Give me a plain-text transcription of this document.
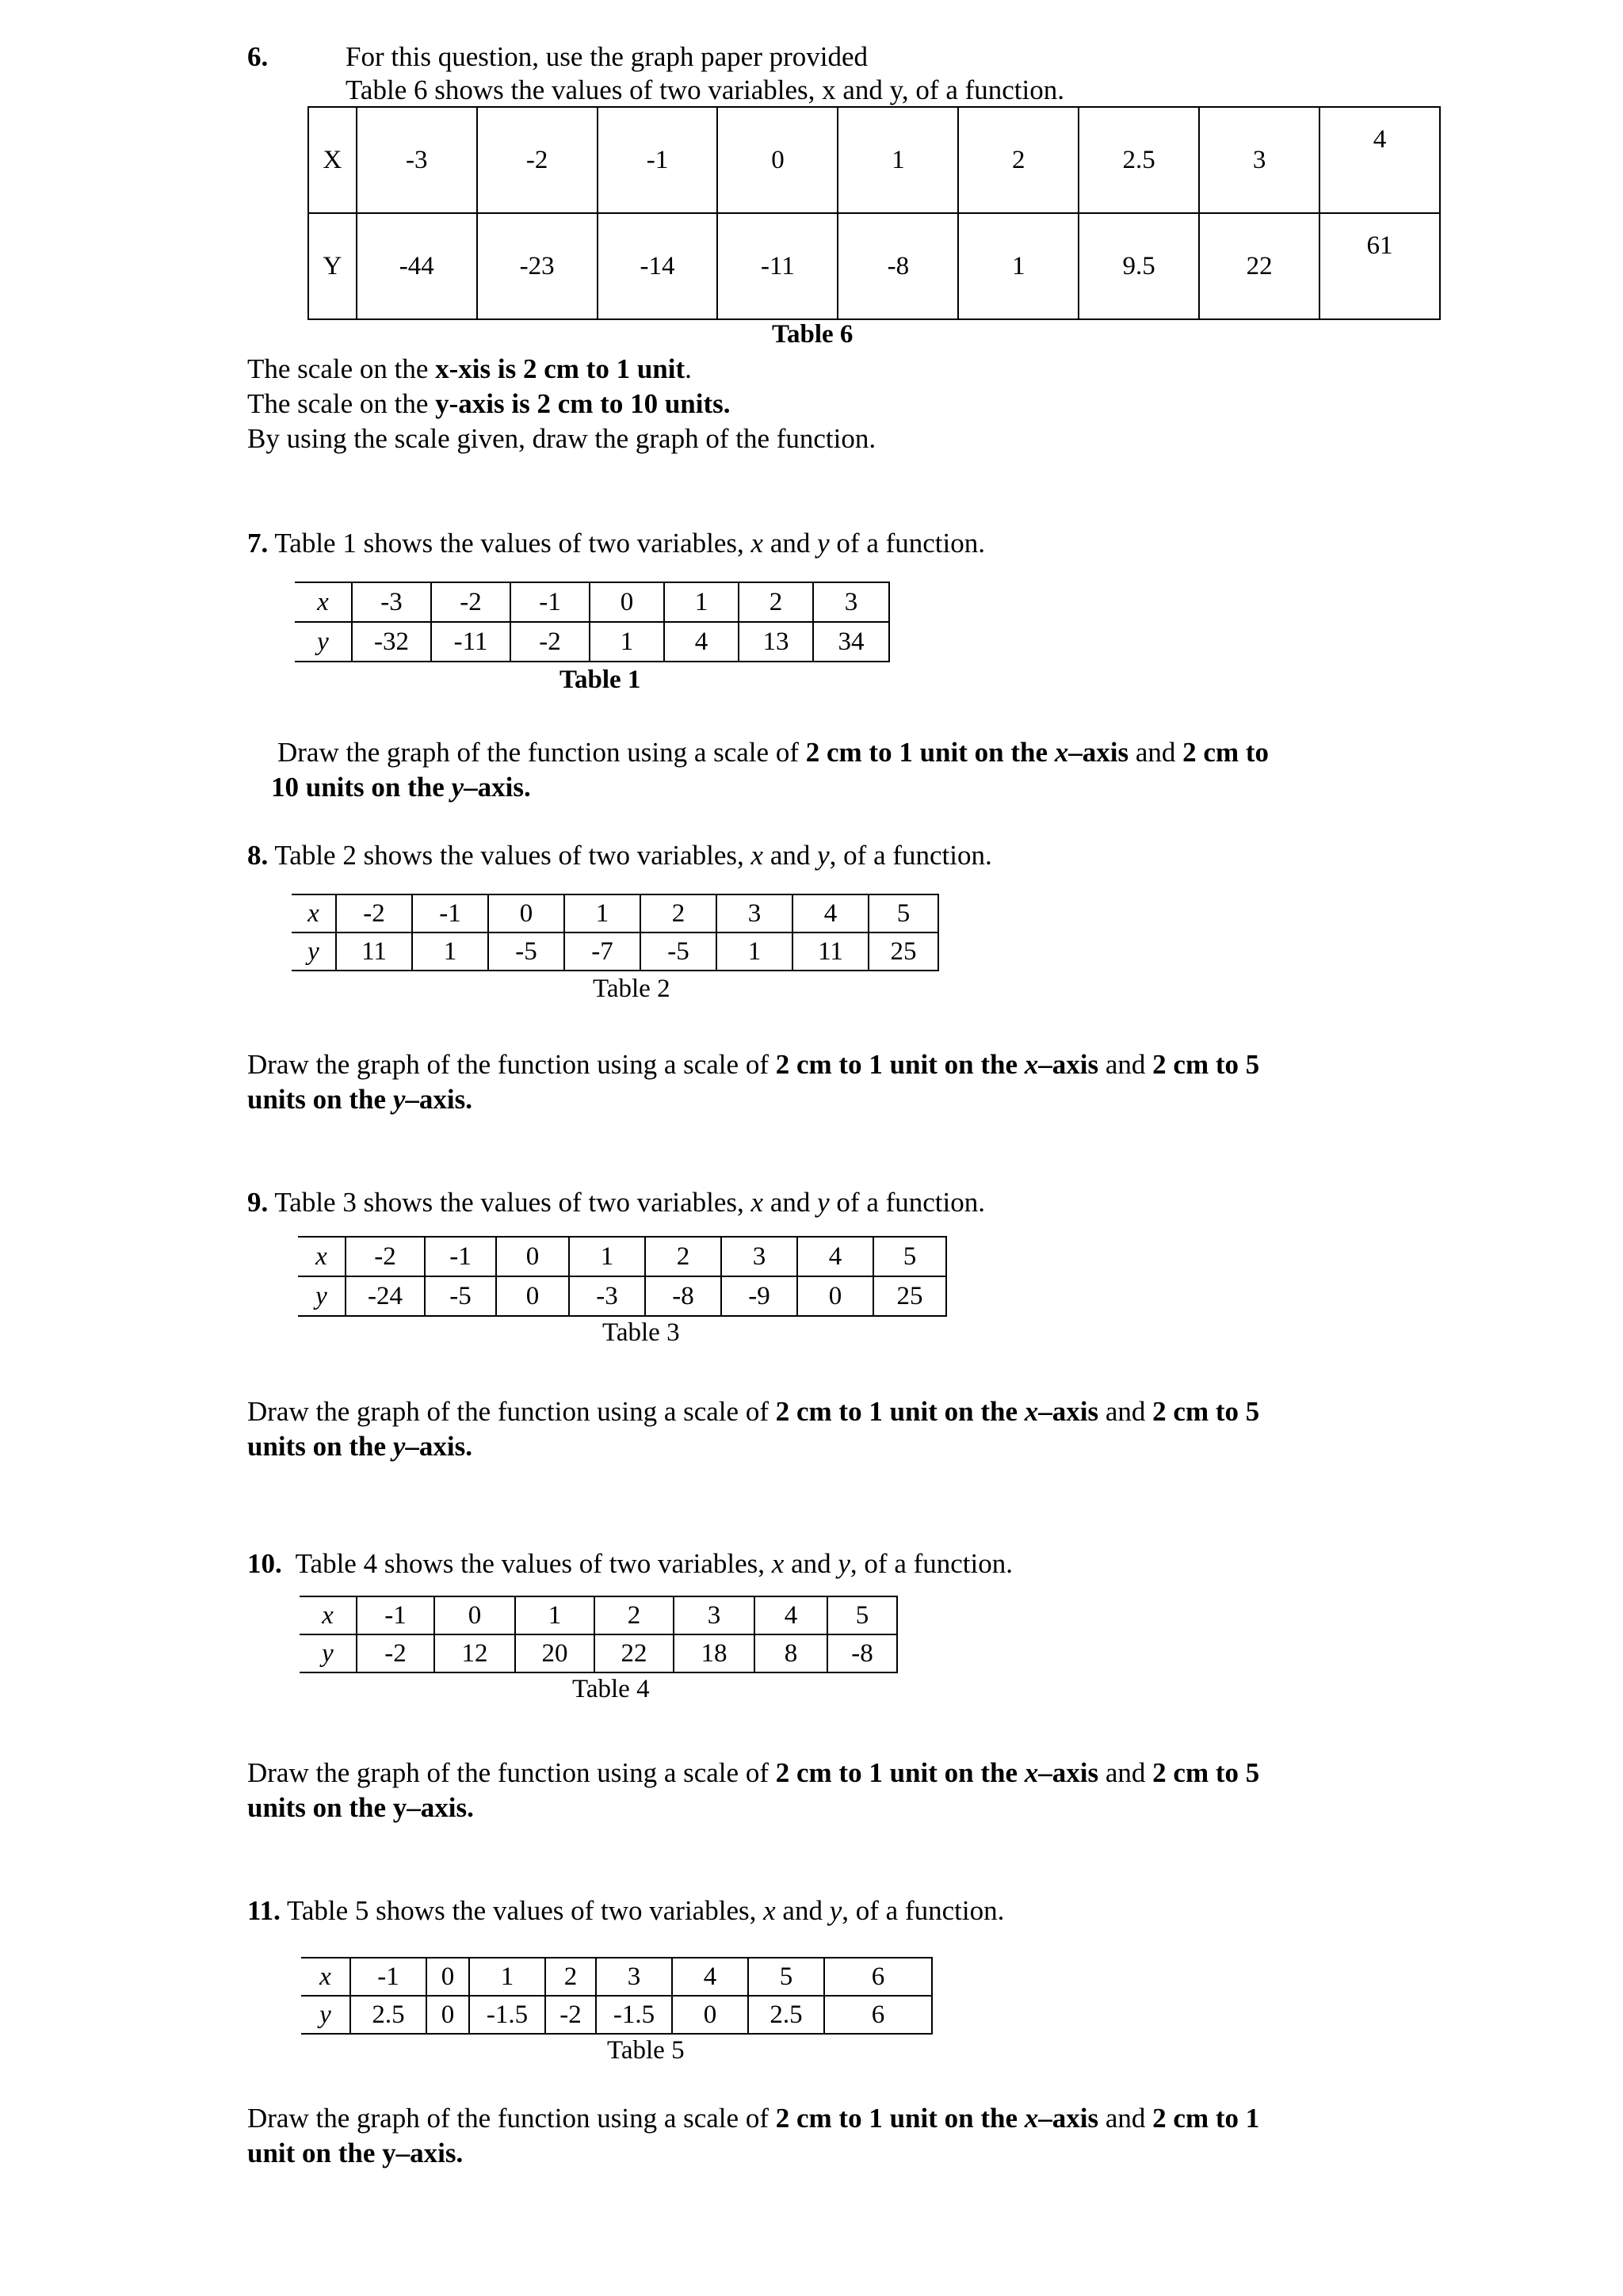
6.	For this question, use the graph paper provided
Table 6 shows the values of two variables, x and y, of a function.
X	-3	-2	-1	0	1	2	2.5	3	4
Y	-44	-23	-14	-11	-8	1	9.5	22	61
Table 6
The scale on the x-xis is 2 cm to 1 unit.
The scale on the y-axis is 2 cm to 10 units.
By using the scale given, draw the graph of the function.
7. Table 1 shows the values of two variables, x and y of a function.
x	-3	-2	-1	0	1	2	3
y	-32	-11	-2	1	4	13	34
Table 1
Draw the graph of the function using a scale of 2 cm to 1 unit on the x–axis and 2 cm to
10 units on the y–axis.
8. Table 2 shows the values of two variables, x and y, of a function.
x	-2	-1	0	1	2	3	4	5
y	11	1	-5	-7	-5	1	11	25
Table 2
Draw the graph of the function using a scale of 2 cm to 1 unit on the x–axis and 2 cm to 5
units on the y–axis.
9. Table 3 shows the values of two variables, x and y of a function.
x	-2	-1	0	1	2	3	4	5
y	-24	-5	0	-3	-8	-9	0	25
Table 3
Draw the graph of the function using a scale of 2 cm to 1 unit on the x–axis and 2 cm to 5
units on the y–axis.
10.  Table 4 shows the values of two variables, x and y, of a function.
x	-1	0	1	2	3	4	5
y	-2	12	20	22	18	8	-8
Table 4
Draw the graph of the function using a scale of 2 cm to 1 unit on the x–axis and 2 cm to 5
units on the y–axis.
11. Table 5 shows the values of two variables, x and y, of a function.
x	-1	0	1	2	3	4	5	6
y	2.5	0	-1.5	-2	-1.5	0	2.5	6
Table 5
Draw the graph of the function using a scale of 2 cm to 1 unit on the x–axis and 2 cm to 1
unit on the y–axis.
